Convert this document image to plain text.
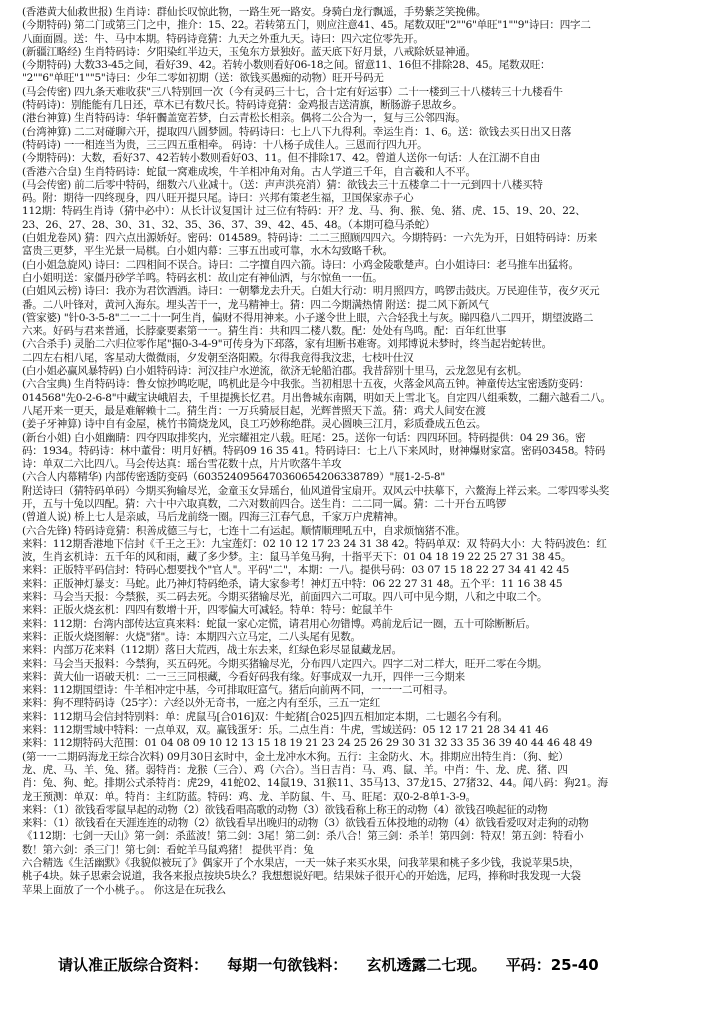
(香港黄大仙救世报) 生肖诗：群仙长叹惊此物，一路生死一路安。身骑白龙行飘遥，手势紫芝笑挽佛。
(今期特码) 第二门或第三门之中，推介：15、22。若转第五门，则应注意41、45。尾数双旺"2""6"单旺"1""9"诗曰：四字二
八面面圆。送：牛、马中本期。特码诗竟猜：九天之外重九天。诗曰：四六定位零先开。
(新疆江略经) 生肖特码诗：夕阳染红半边天，玉兔东方景独好。蓝天底下好月景，八戒除妖显神通。
(今期特码) 大数33-45之间，看好39、42。若转小数则看好06-18之间。留意11、16但不排除28、45。尾数双旺：
"2""6"单旺"1""5"诗曰：少年二零如初期（送：欲钱买愚痴的动物）旺开号码无
(马会传密) 四九条天难收获"三八特别回一次（今有灵码三十七，合十定有好运事）二十一楼到三十八楼转三十九楼看牛
(特码诗)：别能能有几日还，草木已有数尺长。特码诗竟猜：金鸡报吉送清旗，断肠游子思故乡。
(港台神算) 生肖特码诗：华轩髑盖宽若梦，白云青松长相亲。偶将二公合为一，复与三公邻四海。
(台湾神算) 二二对碰聊六开，提取四八圆梦圆。特码诗曰：七上八下九得利。幸运生肖：1、6。送：欲钱去买日出又日落
(特码诗) 一一相连当为贵，三三四五重相牵。 码诗：十八杨子成佳人。三恩而行四九开。
(今期特码)：大数，看好37、42若转小数则看好03、11。但不排除17、42。曾道人送你一句话：人在江湖不自由
(香港六合皇) 生肖特码诗：蛇鼠一窝难成埃，牛羊相冲角对角。古人学道三千年，自言羲和人不平。
(马会传密) 前二后零中特码，细数六八业减十。（送：声声洪亮消）猜：欲钱去三十五楼拿二十一元到四十八楼买特
码。附：期待一四终现身，四八旺开提只尾。诗曰：兴邦有策老生福，卫国保家赤子心
112期：特码生肖诗（猜中必中）：从长计议复国计 过三位有特码：开？龙、马、狗、猴、兔、猪、虎、15、19、20、22、
23、26、27、28、30、31、32、35、36、37、39、42、45、48。（本期可稳马杀蛇）
(白姐龙卷风) 猜：四六点出源娇好。密码：014589。特码诗：二二三照顾四四六。今期特码：一六先为开，日姐特码诗：历来
富贵三更梦，平生光景一局棋。白小姐内幕：三事五出或可靠，水木勾致略千秋。
(白小姐急旋风) 诗曰：二四相间不误合。诗曰：二字擅自四六箭。诗曰：小鸡金陵歌楚声。白小姐诗曰：老马推车出猛将。
白小姐明送：家僵丹砂学羊鸣。特码玄机：故山定有神仙洒，与尔惊鱼一一伍。
(白姐风云榜) 诗曰：我亦为君饮酒酒。诗曰：一朝攀龙去升天。白姐大行动：明月照四方，鸣锣击鼓庆。万民迎佳节，夜夕灭元
番。二八叶锋对，黄河入海东。埋头苦干一，龙马精神士。猜：四二今期满热情 附送：提二风下新风气
(管家婆) "针0-3-5-8"二一二十一阿生肖，偏财不得用神来。小子遂令世上眼，六合轻我土与灰。睇四稳八二四开，期望波路二
六来。好码与君来普通，长脖豪要素第一一。猜生肖：共和四二楼八数。配：处处有鸟鸣。配：百年红世事
(六合杀手) 灵胎二六归位零作尾"掘0-3-4-9"可传身为下邳落，家有坦断书难寄。刘邦博说未梦时，终当起岩蛇转世。
二四左右相八尾，客星动大微微雨，夕发朝至洛阳殿。尔得我竟得我汶悲，七枝叶仕汉
(白小姐必赢风暴特码) 白小姐特码诗：河汉挂户水逆流，欲济无轮船泊郡。我昔辞别十里马，云龙忽见有玄机。
(六合宝典) 生肖特码诗：鲁女惊抄鸣吃呢，鸣机此是今中我张。当初相思十五夜，火落金风高五钟。神童传达宝密透防变码：
014568"先0-2-6-8"中藏宝诀峨眉去，千里提携长忆君。月出鲁城东南隅，明如天上雪北飞。自定四八组乘数，二翻六越看二八。
八尾开来一更天，最是难解赖十二。猜生肖：一万兵骑辰目起，光辉普照天下盖。猜：鸡犬人间安在渡
(姜子牙神算) 诗中自有金屋，桃竹书简烧龙风，良工巧妙称绝群。灵心圆映三江月，彩质叠成五色云。
(新台小姐) 白小姐幽睛：四夺四取排奖内，光宗耀祖定八载。旺尾：25。送你一句话：四四环回。特码提供：04 29 36。密
码：1934。特码诗：林中董骨：明月好栖。特码09 16 35 41。特码诗曰：七上八下来风时，财神爆财家富。密码03458。特码
诗：单双二六比四八。马会传达真：瑶台雪花数十点，片片吹落牛羊攻
(六合人内幕精华) 内部传密透防变码（6035240956470360654206338789）"展1-2-5-8"
附送诗曰（猜特码单码）今期买狗输尽光，金童玉女异瑶台，仙风道骨宝扇开。双风云中扶摹下，六鳌海上祥云来。二零四零头奖
开，五与十兔以四配。猜：六十中六取真数，二六对数前四合。送生肖：二二同一属。猜：二十开台五鸣锣
(曾道人说) 桥上七人是亲戚，马后龙前绕一圈。四海三江春气息，千家万户虎精神。
(六合先锋) 特码诗竟猜：积善成德三与七，七连十二有运起。顺情顺理吼五中，自求烦恼猪不准。
来料：112期香港地下信封《千王之王》：九宝莲灯：02 10 12 17 23 24 31 38 42。特码单双：双 特码大小：大 特码波色：红
波，生肖玄机诗：五千年的风和雨，藏了多少梦。主：鼠马羊兔马狗，十指平天下：01 04 18 19 22 25 27 31 38 45。
来料：正版特平码信封：特码心想要找个"官人"。平码"二"，本期：一八。提供号码：03 07 15 18 22 27 34 41 42 45
来料：正版神灯暴支：马蛇。此乃神灯特码绝杀，请大家参考！神灯五中特：06 22 27 31 48。五个平：11 16 38 45
来料：马会当天报：今禁猴，买二码去死。今期买猪输尽光，前面四六二可取。四八可中见今期，八和之中取二个。
来料：正版火烧玄机：四四有数增十开，四零偏大可减轻。特单：特号：蛇鼠羊牛
来料：112期：台湾内部传达宣真来料：蛇鼠一家心定慌，请君用心勿错博。鸡前龙后记一圈，五十可除断断后。
来料：正版火烧图解：火烧"猪"。诗：本期四六立马定，二八头尾有见数。
来料：内部万花来料（112期）落日大荒西，战士东去来，红绿色彩尽显鼠藏龙居。
来料：马会当天报料：今禁狗，买五码死。今期买猪输尽光，分布四八定四六。四字二对二样大，旺开二零在今期。
来料：黄大仙一语破天机：二一三三同根藏，今看好码我有缘。好事成双一九开，四伴一三今期来
来料：112期国望诗：牛羊相冲定中基，今可排取旺富气。猪后向前两不同，一一一二可相寻。
来料：狗不理特码诗（25字）：六经以外无奇书，一庭之内有至乐，三五一定红
来料：112期马会信封特别料：单：虎鼠马[合016]双：牛蛇猪[合025]四五相加定本期，二七题名今有利。
来料：112期雪域中特料：一点单双，双。赢钱蛋牙：乐。二点生肖：牛虎，雪域送码：05 12 17 21 28 34 41 46
来料：112期特码大范围：01 04 08 09 10 12 13 15 18 19 21 23 24 25 26 29 30 31 32 33 35 36 39 40 44 46 48 49
(第一一二期码海龙王综合次料) 09月30日玄时中，金土龙冲水木狗。五行：主金防火、木。排期应出特生肖：（狗、蛇）
龙、虎、马、羊、兔、猪。弱特肖：龙猴（三合）、鸡（六合）。当日吉肖：马、鸡、鼠、羊。中肖：牛、龙、虎、猪、四
肖：兔、狗、蛇。排期公式杀特肖：虎29，41蛇02、14鼠19、31猴11、35马13、37龙15、27猪32、44。闻八码：狗21。海
龙王预测：单双：单。特肖：主红防蓝。特码：鸡、龙、羊防鼠、牛、马、旺尾：双0-2-8单1-3-9。
来料：（1）欲钱看零鼠早起的动物（2）欲钱看唱高歌的动物（3）欲钱看称上称王的动物（4）欲钱召唤起征的动物
来料：（1）欲钱看在天涯连连的动物（2）欲钱看早出晚归的动物（3）欲钱看五体投地的动物（4）欲钱看爱叹对走狗的动物
《112期：七剑一天山》第一剑：杀蓝波！第二剑：3尾！第二剑：杀八合！第三剑：杀羊！第四剑：特双！第五剑：特看小
数！第六剑：杀三门！第七剑：看蛇羊马鼠鸡猪！ 提供平肖：兔
六合精选《生活幽默》《我貌似被玩了》偶家开了个水果店，一天一妹子来买水果，问我苹果和桃子多少钱，我说苹果5块，
桃子4块。妹子思索会说道，我各来报点按块5块么？我想想说好吧。结果妹子很开心的开始选，尼玛，捧称时我发现一大袋
苹果上面放了一个小桃子。。 你这是在玩我么
请认准正版综合资料： 每期一句欲钱料： 玄机透露二七现。 平码：25-40
